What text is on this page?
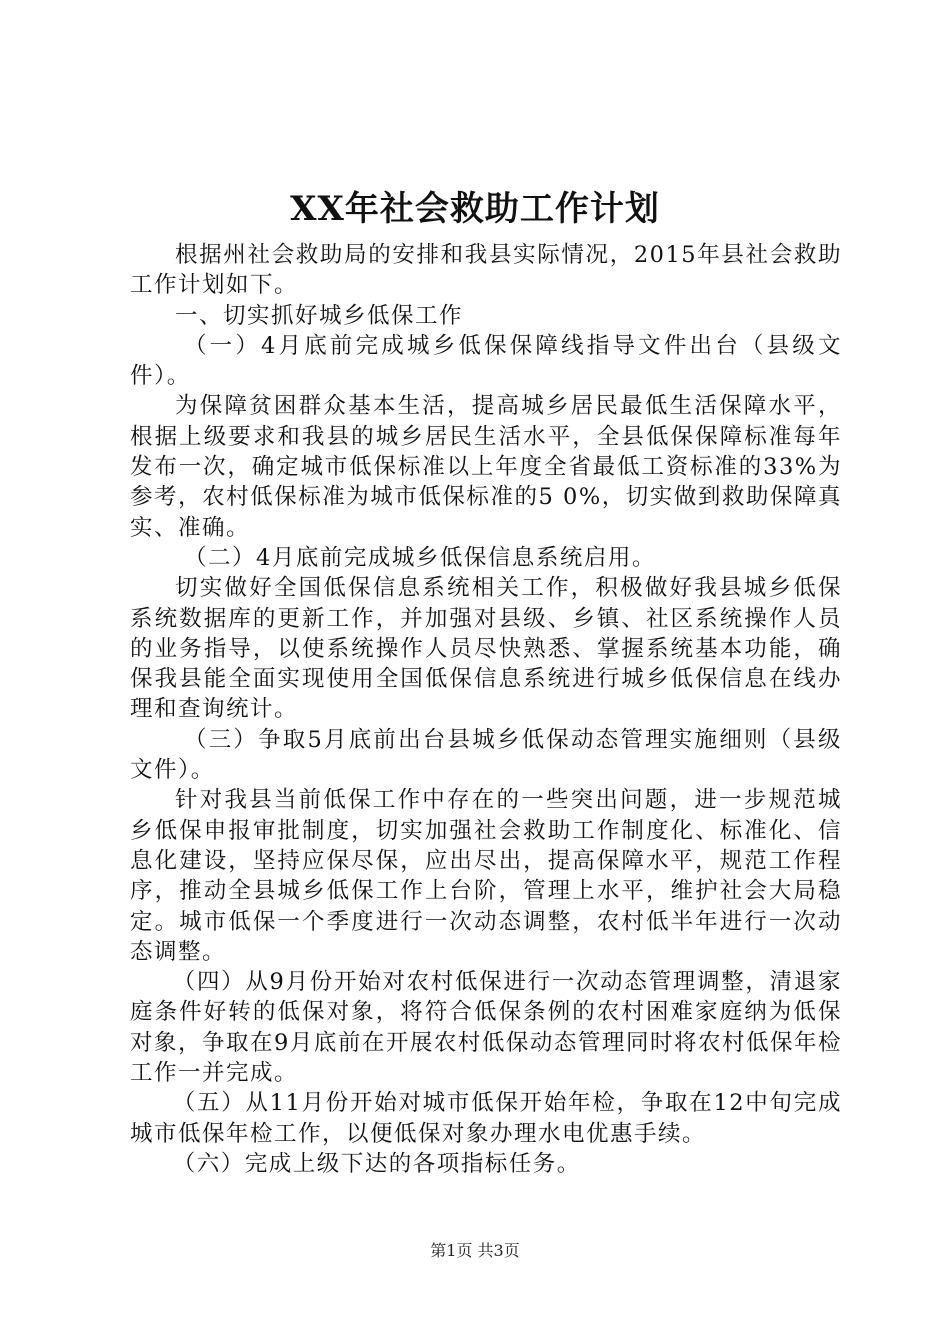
XX年社会救助工作计划

根据州社会救助局的安排和我县实际情况，2015年县社会救助工作计划如下。

一、切实抓好城乡低保工作

（一）4月底前完成城乡低保保障线指导文件出台（县级文件）。

为保障贫困群众基本生活，提高城乡居民最低生活保障水平，根据上级要求和我县的城乡居民生活水平，全县低保保障标准每年发布一次，确定城市低保标准以上年度全省最低工资标准的33%为参考，农村低保标准为城市低保标准的5 0%，切实做到救助保障真实、准确。

（二）4月底前完成城乡低保信息系统启用。

切实做好全国低保信息系统相关工作，积极做好我县城乡低保系统数据库的更新工作，并加强对县级、乡镇、社区系统操作人员的业务指导，以使系统操作人员尽快熟悉、掌握系统基本功能，确保我县能全面实现使用全国低保信息系统进行城乡低保信息在线办理和查询统计。

（三）争取5月底前出台县城乡低保动态管理实施细则（县级文件）。

针对我县当前低保工作中存在的一些突出问题，进一步规范城乡低保申报审批制度，切实加强社会救助工作制度化、标准化、信息化建设，坚持应保尽保，应出尽出，提高保障水平，规范工作程序，推动全县城乡低保工作上台阶，管理上水平，维护社会大局稳定。城市低保一个季度进行一次动态调整，农村低半年进行一次动态调整。

（四）从9月份开始对农村低保进行一次动态管理调整，清退家庭条件好转的低保对象，将符合低保条例的农村困难家庭纳为低保对象，争取在9月底前在开展农村低保动态管理同时将农村低保年检工作一并完成。

（五）从11月份开始对城市低保开始年检，争取在12中旬完成城市低保年检工作，以便低保对象办理水电优惠手续。

（六）完成上级下达的各项指标任务。

第1页 共3页
